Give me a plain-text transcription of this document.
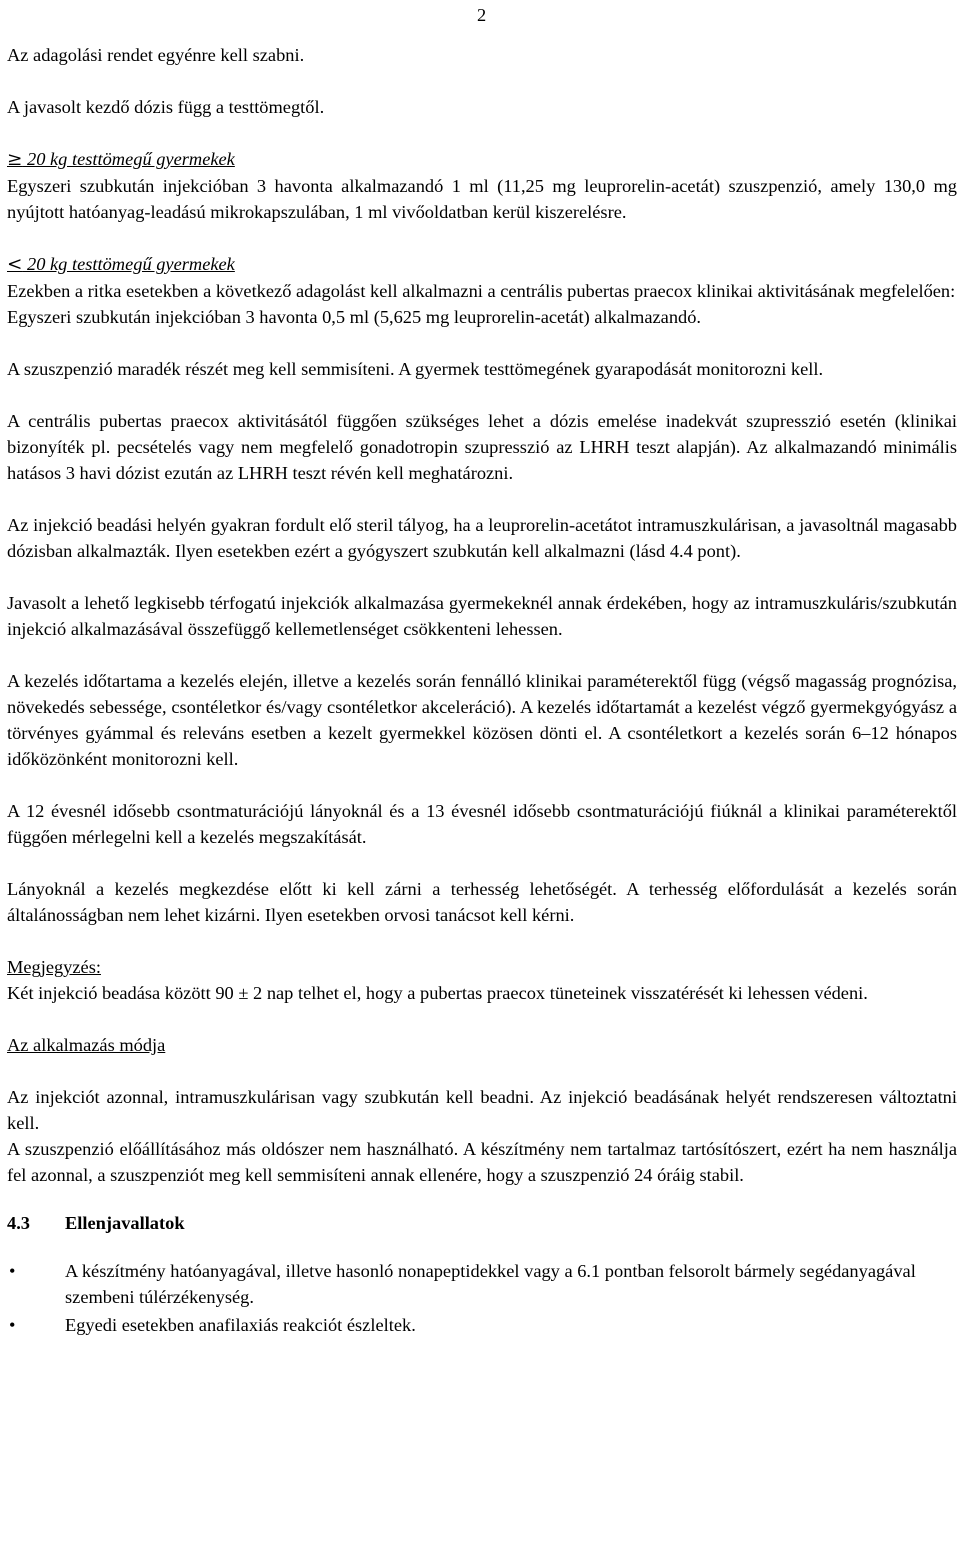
2

Az adagolási rendet egyénre kell szabni.

A javasolt kezdő dózis függ a testtömegtől.

≥ 20 kg testtömegű gyermekek

Egyszeri szubkután injekcióban 3 havonta alkalmazandó 1 ml (11,25 mg leuprorelin-acetát) szuszpenzió, amely 130,0 mg nyújtott hatóanyag-leadású mikrokapszulában, 1 ml vivőoldatban kerül kiszerelésre.

< 20 kg testtömegű gyermekek

Ezekben a ritka esetekben a következő adagolást kell alkalmazni a centrális pubertas praecox klinikai aktivitásának megfelelően:

Egyszeri szubkután injekcióban 3 havonta 0,5 ml (5,625 mg leuprorelin-acetát) alkalmazandó.

A szuszpenzió maradék részét meg kell semmisíteni. A gyermek testtömegének gyarapodását monitorozni kell.

A centrális pubertas praecox aktivitásától függően szükséges lehet a dózis emelése inadekvát szupresszió esetén (klinikai bizonyíték pl. pecsételés vagy nem megfelelő gonadotropin szupresszió az LHRH teszt alapján). Az alkalmazandó minimális hatásos 3 havi dózist ezután az LHRH teszt révén kell meghatározni.

Az injekció beadási helyén gyakran fordult elő steril tályog, ha a leuprorelin-acetátot intramuszkulárisan, a javasoltnál magasabb dózisban alkalmazták. Ilyen esetekben ezért a gyógyszert szubkután kell alkalmazni (lásd 4.4 pont).

Javasolt a lehető legkisebb térfogatú injekciók alkalmazása gyermekeknél annak érdekében, hogy az intramuszkuláris/szubkután injekció alkalmazásával összefüggő kellemetlenséget csökkenteni lehessen.

A kezelés időtartama a kezelés elején, illetve a kezelés során fennálló klinikai paraméterektől függ (végső magasság prognózisa, növekedés sebessége, csontéletkor és/vagy csontéletkor akceleráció). A kezelés időtartamát a kezelést végző gyermekgyógyász a törvényes gyámmal és releváns esetben a kezelt gyermekkel közösen dönti el. A csontéletkort a kezelés során 6–12 hónapos időközönként monitorozni kell.

A 12 évesnél idősebb csontmaturációjú lányoknál és a 13 évesnél idősebb csontmaturációjú fiúknál a klinikai paraméterektől függően mérlegelni kell a kezelés megszakítását.

Lányoknál a kezelés megkezdése előtt ki kell zárni a terhesség lehetőségét. A terhesség előfordulását a kezelés során általánosságban nem lehet kizárni. Ilyen esetekben orvosi tanácsot kell kérni.

Megjegyzés:

Két injekció beadása között 90 ± 2 nap telhet el, hogy a pubertas praecox tüneteinek visszatérését ki lehessen védeni.

Az alkalmazás módja

Az injekciót azonnal, intramuszkulárisan vagy szubkután kell beadni. Az injekció beadásának helyét rendszeresen változtatni kell.

A szuszpenzió előállításához más oldószer nem használható. A készítmény nem tartalmaz tartósítószert, ezért ha nem használja fel azonnal, a szuszpenziót meg kell semmisíteni annak ellenére, hogy a szuszpenzió 24 óráig stabil.

4.3 Ellenjavallatok

•	A készítmény hatóanyagával, illetve hasonló nonapeptidekkel vagy a 6.1 pontban felsorolt bármely segédanyagával szembeni túlérzékenység.
•	Egyedi esetekben anafilaxiás reakciót észleltek.
